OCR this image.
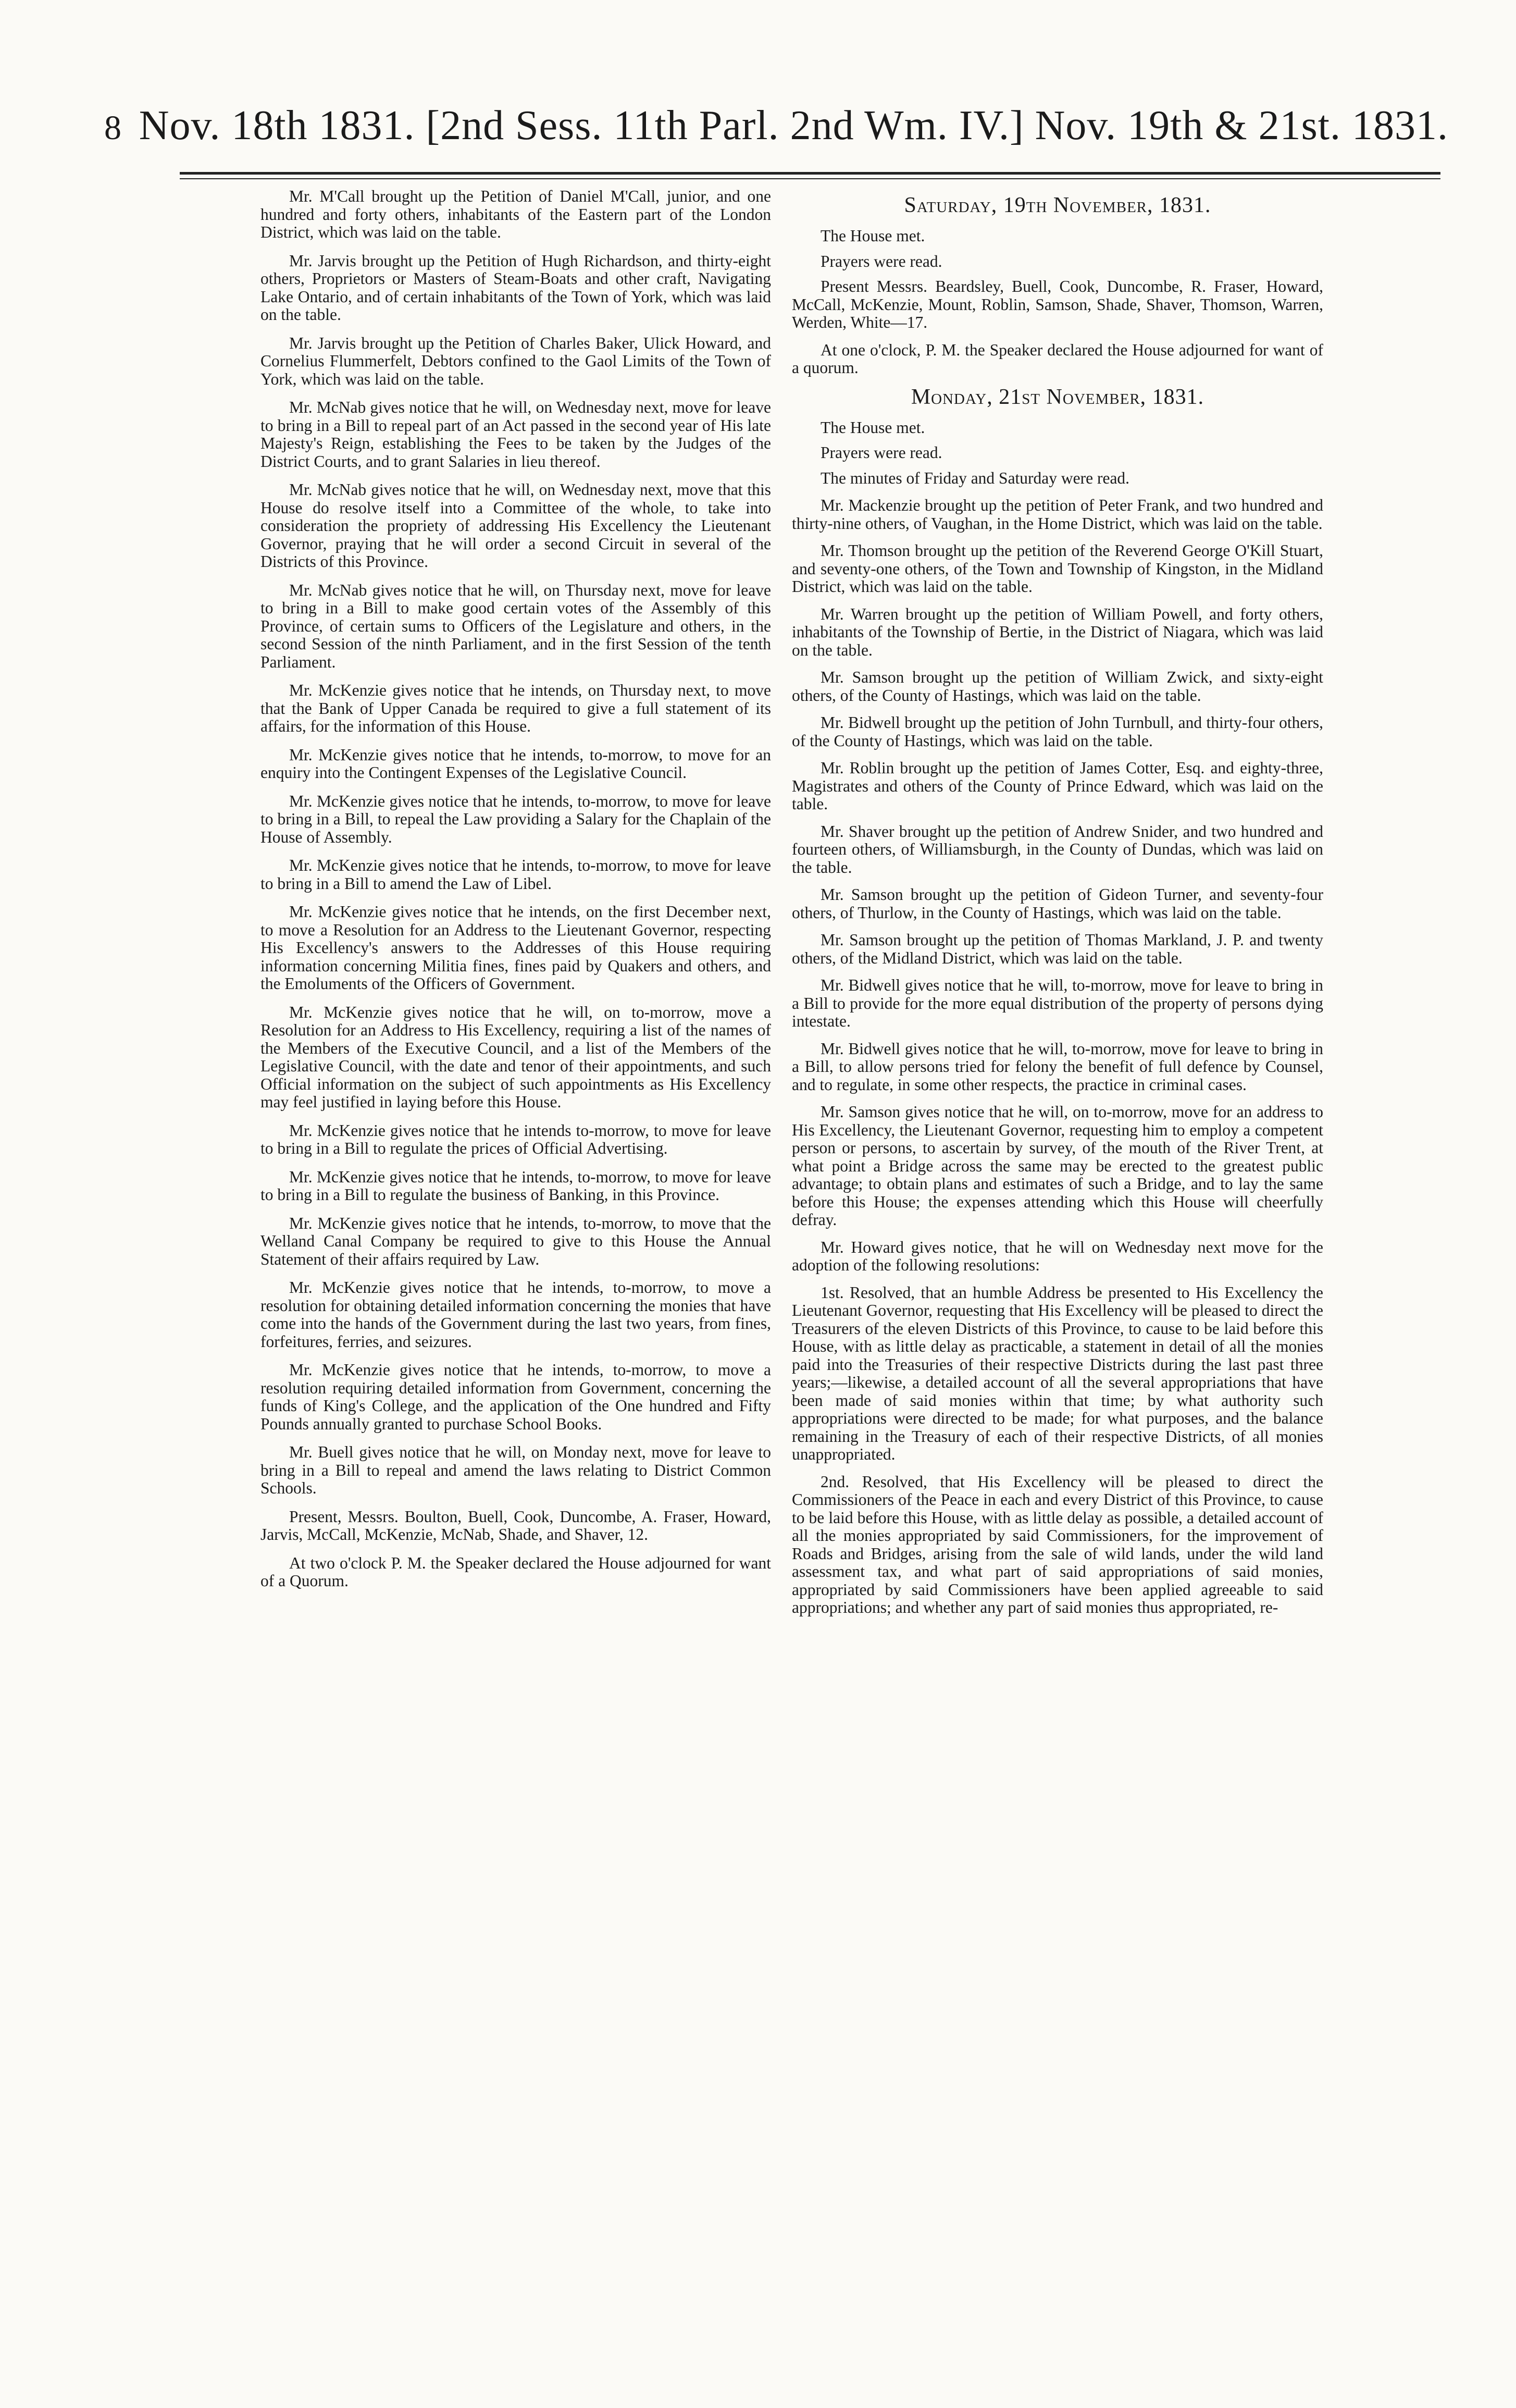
8 Nov. 18th 1831. [2nd Sess. 11th Parl. 2nd Wm. IV.] Nov. 19th & 21st. 1831.

Mr. M'Call brought up the Petition of Daniel M'Call, junior, and one hundred and forty others, inhabitants of the Eastern part of the London District, which was laid on the table.

Mr. Jarvis brought up the Petition of Hugh Richardson, and thirty-eight others, Proprietors or Masters of Steam-Boats and other craft, Navigating Lake Ontario, and of certain inhabitants of the Town of York, which was laid on the table.

Mr. Jarvis brought up the Petition of Charles Baker, Ulick Howard, and Cornelius Flummerfelt, Debtors confined to the Gaol Limits of the Town of York, which was laid on the table.

Mr. McNab gives notice that he will, on Wednesday next, move for leave to bring in a Bill to repeal part of an Act passed in the second year of His late Majesty's Reign, establishing the Fees to be taken by the Judges of the District Courts, and to grant Salaries in lieu thereof.

Mr. McNab gives notice that he will, on Wednesday next, move that this House do resolve itself into a Committee of the whole, to take into consideration the propriety of addressing His Excellency the Lieutenant Governor, praying that he will order a second Circuit in several of the Districts of this Province.

Mr. McNab gives notice that he will, on Thursday next, move for leave to bring in a Bill to make good certain votes of the Assembly of this Province, of certain sums to Officers of the Legislature and others, in the second Session of the ninth Parliament, and in the first Session of the tenth Parliament.

Mr. McKenzie gives notice that he intends, on Thursday next, to move that the Bank of Upper Canada be required to give a full statement of its affairs, for the information of this House.

Mr. McKenzie gives notice that he intends, to-morrow, to move for an enquiry into the Contingent Expenses of the Legislative Council.

Mr. McKenzie gives notice that he intends, to-morrow, to move for leave to bring in a Bill, to repeal the Law providing a Salary for the Chaplain of the House of Assembly.

Mr. McKenzie gives notice that he intends, to-morrow, to move for leave to bring in a Bill to amend the Law of Libel.

Mr. McKenzie gives notice that he intends, on the first December next, to move a Resolution for an Address to the Lieutenant Governor, respecting His Excellency's answers to the Addresses of this House requiring information concerning Militia fines, fines paid by Quakers and others, and the Emoluments of the Officers of Government.

Mr. McKenzie gives notice that he will, on to-morrow, move a Resolution for an Address to His Excellency, requiring a list of the names of the Members of the Executive Council, and a list of the Members of the Legislative Council, with the date and tenor of their appointments, and such Official information on the subject of such appointments as His Excellency may feel justified in laying before this House.

Mr. McKenzie gives notice that he intends to-morrow, to move for leave to bring in a Bill to regulate the prices of Official Advertising.

Mr. McKenzie gives notice that he intends, to-morrow, to move for leave to bring in a Bill to regulate the business of Banking, in this Province.

Mr. McKenzie gives notice that he intends, to-morrow, to move that the Welland Canal Company be required to give to this House the Annual Statement of their affairs required by Law.

Mr. McKenzie gives notice that he intends, to-morrow, to move a resolution for obtaining detailed information concerning the monies that have come into the hands of the Government during the last two years, from fines, forfeitures, ferries, and seizures.

Mr. McKenzie gives notice that he intends, to-morrow, to move a resolution requiring detailed information from Government, concerning the funds of King's College, and the application of the One hundred and Fifty Pounds annually granted to purchase School Books.

Mr. Buell gives notice that he will, on Monday next, move for leave to bring in a Bill to repeal and amend the laws relating to District Common Schools.

Present, Messrs. Boulton, Buell, Cook, Duncombe, A. Fraser, Howard, Jarvis, McCall, McKenzie, McNab, Shade, and Shaver, 12.

At two o'clock P. M. the Speaker declared the House adjourned for want of a Quorum.

Saturday, 19th November, 1831.

The House met.

Prayers were read.

Present Messrs. Beardsley, Buell, Cook, Duncombe, R. Fraser, Howard, McCall, McKenzie, Mount, Roblin, Samson, Shade, Shaver, Thomson, Warren, Werden, White—17.

At one o'clock, P. M. the Speaker declared the House adjourned for want of a quorum.

Monday, 21st November, 1831.

The House met.

Prayers were read.

The minutes of Friday and Saturday were read.

Mr. Mackenzie brought up the petition of Peter Frank, and two hundred and thirty-nine others, of Vaughan, in the Home District, which was laid on the table.

Mr. Thomson brought up the petition of the Reverend George O'Kill Stuart, and seventy-one others, of the Town and Township of Kingston, in the Midland District, which was laid on the table.

Mr. Warren brought up the petition of William Powell, and forty others, inhabitants of the Township of Bertie, in the District of Niagara, which was laid on the table.

Mr. Samson brought up the petition of William Zwick, and sixty-eight others, of the County of Hastings, which was laid on the table.

Mr. Bidwell brought up the petition of John Turnbull, and thirty-four others, of the County of Hastings, which was laid on the table.

Mr. Roblin brought up the petition of James Cotter, Esq. and eighty-three, Magistrates and others of the County of Prince Edward, which was laid on the table.

Mr. Shaver brought up the petition of Andrew Snider, and two hundred and fourteen others, of Williamsburgh, in the County of Dundas, which was laid on the table.

Mr. Samson brought up the petition of Gideon Turner, and seventy-four others, of Thurlow, in the County of Hastings, which was laid on the table.

Mr. Samson brought up the petition of Thomas Markland, J. P. and twenty others, of the Midland District, which was laid on the table.

Mr. Bidwell gives notice that he will, to-morrow, move for leave to bring in a Bill to provide for the more equal distribution of the property of persons dying intestate.

Mr. Bidwell gives notice that he will, to-morrow, move for leave to bring in a Bill, to allow persons tried for felony the benefit of full defence by Counsel, and to regulate, in some other respects, the practice in criminal cases.

Mr. Samson gives notice that he will, on to-morrow, move for an address to His Excellency, the Lieutenant Governor, requesting him to employ a competent person or persons, to ascertain by survey, of the mouth of the River Trent, at what point a Bridge across the same may be erected to the greatest public advantage; to obtain plans and estimates of such a Bridge, and to lay the same before this House; the expenses attending which this House will cheerfully defray.

Mr. Howard gives notice, that he will on Wednesday next move for the adoption of the following resolutions:

1st. Resolved, that an humble Address be presented to His Excellency the Lieutenant Governor, requesting that His Excellency will be pleased to direct the Treasurers of the eleven Districts of this Province, to cause to be laid before this House, with as little delay as practicable, a statement in detail of all the monies paid into the Treasuries of their respective Districts during the last past three years;—likewise, a detailed account of all the several appropriations that have been made of said monies within that time; by what authority such appropriations were directed to be made; for what purposes, and the balance remaining in the Treasury of each of their respective Districts, of all monies unappropriated.

2nd. Resolved, that His Excellency will be pleased to direct the Commissioners of the Peace in each and every District of this Province, to cause to be laid before this House, with as little delay as possible, a detailed account of all the monies appropriated by said Commissioners, for the improvement of Roads and Bridges, arising from the sale of wild lands, under the wild land assessment tax, and what part of said appropriations of said monies, appropriated by said Commissioners have been applied agreeable to said appropriations; and whether any part of said monies thus appropriated, re-
